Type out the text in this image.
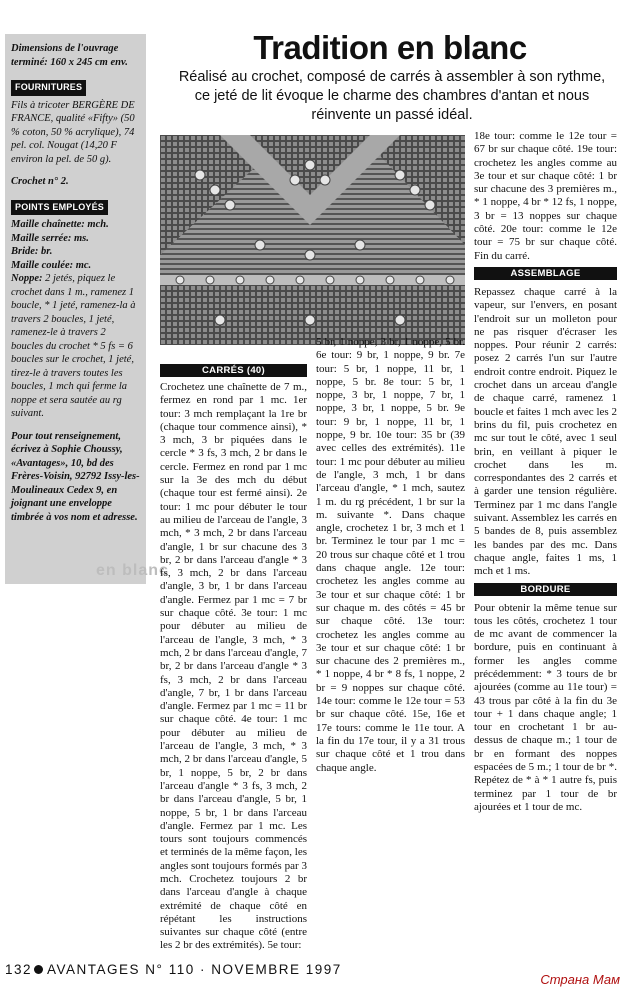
Dimensions de l'ouvrage terminé: 160 x 245 cm env.

FOURNITURES

Fils à tricoter BERGÈRE DE FRANCE, qualité «Fifty» (50 % coton, 50 % acrylique), 74 pel. col. Nougat (14,20 F environ la pel. de 50 g).

Crochet n° 2.

POINTS EMPLOYÉS
Maille chaînette: mch.
Maille serrée: ms.
Bride: br.
Maille coulée: mc.

Noppe: 2 jetés, piquez le crochet dans 1 m., ramenez 1 boucle, * 1 jeté, ramenez-la à travers 2 boucles, 1 jeté, ramenez-le à travers 2 boucles du crochet * 5 fs = 6 boucles sur le crochet, 1 jeté, tirez-le à travers toutes les boucles, 1 mch qui ferme la noppe et sera sautée au rg suivant.

Pour tout renseignement, écrivez à Sophie Choussy, «Avantages», 10, bd des Frères-Voisin, 92792 Issy-les-Moulineaux Cedex 9, en joignant une enveloppe timbrée à vos nom et adresse.

en blanc
Tradition en blanc

Réalisé au crochet, composé de carrés à assembler à son rythme, ce jeté de lit évoque le charme des chambres d'antan et nous réinvente un passé idéal.

CARRÉS (40)

Crochetez une chaînette de 7 m., fermez en rond par 1 mc. 1er tour: 3 mch remplaçant la 1re br (chaque tour commence ainsi), * 3 mch, 3 br piquées dans le cercle * 3 fs, 3 mch, 2 br dans le cercle. Fermez en rond par 1 mc sur la 3e des mch du début (chaque tour est fermé ainsi). 2e tour: 1 mc pour débuter le tour au milieu de l'arceau de l'angle, 3 mch, * 3 mch, 2 br dans l'arceau d'angle, 1 br sur chacune des 3 br, 2 br dans l'arceau d'angle * 3 fs, 3 mch, 2 br dans l'arceau d'angle, 3 br, 1 br dans l'arceau d'angle. Fermez par 1 mc = 7 br sur chaque côté. 3e tour: 1 mc pour débuter au milieu de l'arceau de l'angle, 3 mch, * 3 mch, 2 br dans l'arceau d'angle, 7 br, 2 br dans l'arceau d'angle * 3 fs, 3 mch, 2 br dans l'arceau d'angle, 7 br, 1 br dans l'arceau d'angle. Fermez par 1 mc = 11 br sur chaque côté. 4e tour: 1 mc pour débuter au milieu de l'arceau de l'angle, 3 mch, * 3 mch, 2 br dans l'arceau d'angle, 5 br, 1 noppe, 5 br, 2 br dans l'arceau d'angle * 3 fs, 3 mch, 2 br dans l'arceau d'angle, 5 br, 1 noppe, 5 br, 1 br dans l'arceau d'angle. Fermez par 1 mc. Les tours sont toujours commencés et terminés de la même façon, les angles sont toujours formés par 3 mch. Crochetez toujours 2 br dans l'arceau d'angle à chaque extrémité de chaque côté en répétant les instructions suivantes sur chaque côté (entre les 2 br des extrémités). 5e tour:

5 br, 1 noppe, 3 br, 1 noppe, 5 br. 6e tour: 9 br, 1 noppe, 9 br. 7e tour: 5 br, 1 noppe, 11 br, 1 noppe, 5 br. 8e tour: 5 br, 1 noppe, 3 br, 1 noppe, 7 br, 1 noppe, 3 br, 1 noppe, 5 br. 9e tour: 9 br, 1 noppe, 11 br, 1 noppe, 9 br. 10e tour: 35 br (39 avec celles des extrémités). 11e tour: 1 mc pour débuter au milieu de l'angle, 3 mch, 1 br dans l'arceau d'angle, * 1 mch, sautez 1 m. du rg précédent, 1 br sur la m. suivante *. Dans chaque angle, crochetez 1 br, 3 mch et 1 br. Terminez le tour par 1 mc = 20 trous sur chaque côté et 1 trou dans chaque angle. 12e tour: crochetez les angles comme au 3e tour et sur chaque côté: 1 br sur chaque m. des côtés = 45 br sur chaque côté. 13e tour: crochetez les angles comme au 3e tour et sur chaque côté: 1 br sur chacune des 2 premières m., * 1 noppe, 4 br * 8 fs, 1 noppe, 2 br = 9 noppes sur chaque côté. 14e tour: comme le 12e tour = 53 br sur chaque côté. 15e, 16e et 17e tours: comme le 11e tour. A la fin du 17e tour, il y a 31 trous sur chaque côté et 1 trou dans chaque angle.

18e tour: comme le 12e tour = 67 br sur chaque côté. 19e tour: crochetez les angles comme au 3e tour et sur chaque côté: 1 br sur chacune des 3 premières m., * 1 noppe, 4 br * 12 fs, 1 noppe, 3 br = 13 noppes sur chaque côté. 20e tour: comme le 12e tour = 75 br sur chaque côté. Fin du carré.

ASSEMBLAGE

Repassez chaque carré à la vapeur, sur l'envers, en posant l'endroit sur un molleton pour ne pas risquer d'écraser les noppes. Pour réunir 2 carrés: posez 2 carrés l'un sur l'autre endroit contre endroit. Piquez le crochet dans un arceau d'angle de chaque carré, ramenez 1 boucle et faites 1 mch avec les 2 brins du fil, puis crochetez en mc sur tout le côté, avec 1 seul brin, en veillant à piquer le crochet dans les m. correspondantes des 2 carrés et à garder une tension régulière. Terminez par 1 mc dans l'angle suivant. Assemblez les carrés en 5 bandes de 8, puis assemblez les bandes par des mc. Dans chaque angle, faites 1 ms, 1 mch et 1 ms.

BORDURE

Pour obtenir la même tenue sur tous les côtés, crochetez 1 tour de mc avant de commencer la bordure, puis en continuant à former les angles comme précédemment: * 3 tours de br ajourées (comme au 11e tour) = 43 trous par côté à la fin du 3e tour + 1 dans chaque angle; 1 tour en crochetant 1 br au-dessus de chaque m.; 1 tour de br en formant des noppes espacées de 5 m.; 1 tour de br *. Repétez de * à * 1 autre fs, puis terminez par 1 tour de br ajourées et 1 tour de mc.

132 AVANTAGES N° 110 · NOVEMBRE 1997
Страна Мам
